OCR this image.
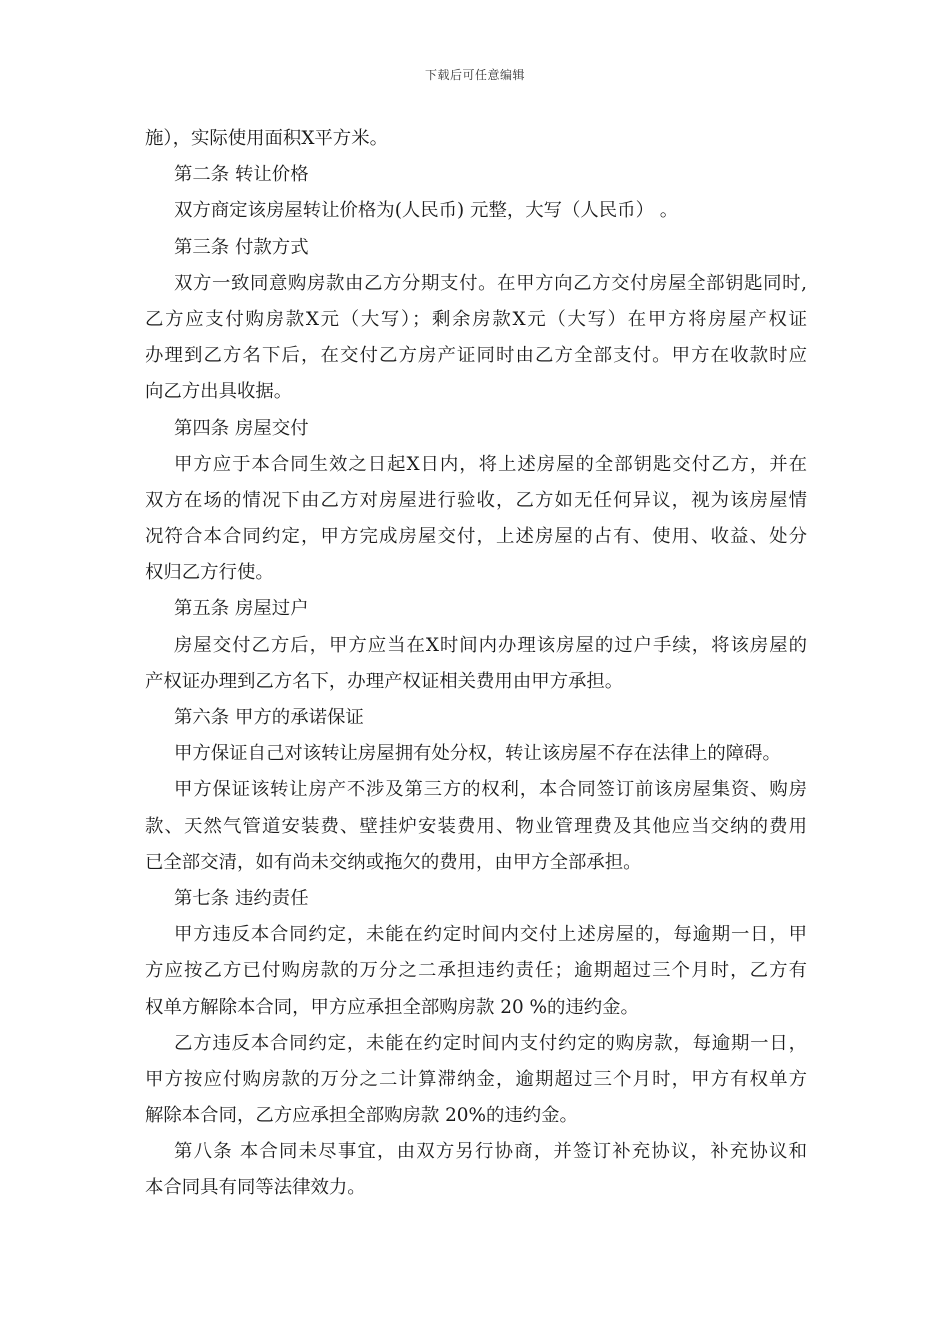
下载后可任意编辑
施），实际使用面积Ⅹ平方米。
第二条 转让价格
双方商定该房屋转让价格为(人民币) 元整，大写（人民币） 。
第三条 付款方式
双方一致同意购房款由乙方分期支付。在甲方向乙方交付房屋全部钥匙同时,
乙方应支付购房款Ⅹ元（大写）；剩余房款Ⅹ元（大写）在甲方将房屋产权证
办理到乙方名下后，在交付乙方房产证同时由乙方全部支付。甲方在收款时应
向乙方出具收据。
第四条 房屋交付
甲方应于本合同生效之日起Ⅹ日内，将上述房屋的全部钥匙交付乙方，并在
双方在场的情况下由乙方对房屋进行验收，乙方如无任何异议，视为该房屋情
况符合本合同约定，甲方完成房屋交付，上述房屋的占有、使用、收益、处分
权归乙方行使。
第五条 房屋过户
房屋交付乙方后，甲方应当在Ⅹ时间内办理该房屋的过户手续，将该房屋的
产权证办理到乙方名下，办理产权证相关费用由甲方承担。
第六条 甲方的承诺保证
甲方保证自己对该转让房屋拥有处分权，转让该房屋不存在法律上的障碍。
甲方保证该转让房产不涉及第三方的权利，本合同签订前该房屋集资、购房
款、天然气管道安装费、壁挂炉安装费用、物业管理费及其他应当交纳的费用
已全部交清，如有尚未交纳或拖欠的费用，由甲方全部承担。
第七条 违约责任
甲方违反本合同约定，未能在约定时间内交付上述房屋的，每逾期一日，甲
方应按乙方已付购房款的万分之二承担违约责任；逾期超过三个月时，乙方有
权单方解除本合同，甲方应承担全部购房款 20 %的违约金。
乙方违反本合同约定，未能在约定时间内支付约定的购房款，每逾期一日，
甲方按应付购房款的万分之二计算滞纳金，逾期超过三个月时，甲方有权单方
解除本合同，乙方应承担全部购房款 20%的违约金。
第八条 本合同未尽事宜，由双方另行协商，并签订补充协议，补充协议和
本合同具有同等法律效力。
